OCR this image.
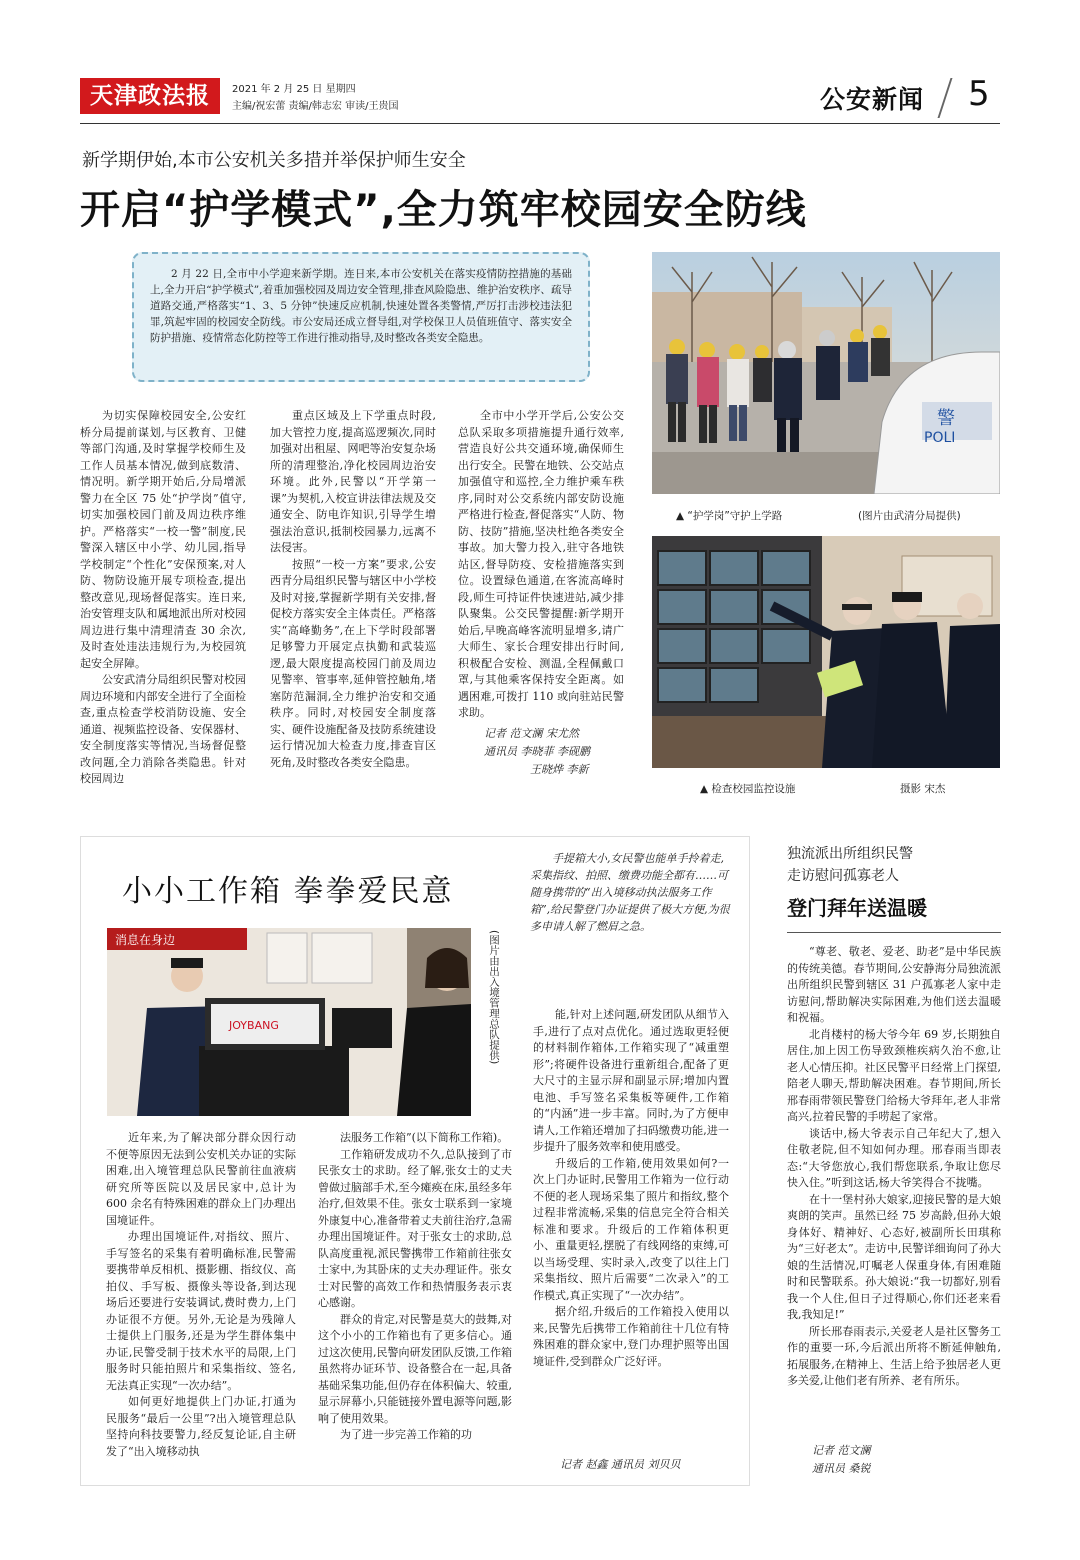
天津政法报	2021 年 2 月 25 日 星期四
主编/祝宏蕾 责编/韩志宏 审读/王贵国	公安新闻 5
新学期伊始,本市公安机关多措并举保护师生安全
开启“护学模式”,全力筑牢校园安全防线

2 月 22 日,全市中小学迎来新学期。连日来,本市公安机关在落实疫情防控措施的基础上,全力开启“护学模式”,着重加强校园及周边安全管理,排查风险隐患、维护治安秩序、疏导道路交通,严格落实“1、3、5 分钟”快速反应机制,快速处置各类警情,严厉打击涉校违法犯罪,筑起牢固的校园安全防线。市公安局还成立督导组,对学校保卫人员值班值守、落实安全防护措施、疫情常态化防控等工作进行推动指导,及时整改各类安全隐患。

为切实保障校园安全,公安红桥分局提前谋划,与区教育、卫健等部门沟通,及时掌握学校师生及工作人员基本情况,做到底数清、情况明。新学期开始后,分局增派警力在全区 75 处“护学岗”值守,切实加强校园门前及周边秩序维护。严格落实“一校一警”制度,民警深入辖区中小学、幼儿园,指导学校制定“个性化”安保预案,对人防、物防设施开展专项检查,提出整改意见,现场督促落实。连日来,治安管理支队和属地派出所对校园周边进行集中清理清查 30 余次,及时查处违法违规行为,为校园筑起安全屏障。

公安武清分局组织民警对校园周边环境和内部安全进行了全面检查,重点检查学校消防设施、安全通道、视频监控设备、安保器材、安全制度落实等情况,当场督促整改问题,全力消除各类隐患。针对校园周边

重点区域及上下学重点时段,加大管控力度,提高巡逻频次,同时加强对出租屋、网吧等治安复杂场所的清理整治,净化校园周边治安环境。此外,民警以“开学第一课”为契机,入校宣讲法律法规及交通安全、防电诈知识,引导学生增强法治意识,抵制校园暴力,远离不法侵害。

按照“一校一方案”要求,公安西青分局组织民警与辖区中小学校及时对接,掌握新学期有关安排,督促校方落实安全主体责任。严格落实“高峰勤务”,在上下学时段部署足够警力开展定点执勤和武装巡逻,最大限度提高校园门前及周边见警率、管事率,延伸管控触角,堵塞防范漏洞,全力维护治安和交通秩序。同时,对校园安全制度落实、硬件设施配备及技防系统建设运行情况加大检查力度,排查盲区死角,及时整改各类安全隐患。

全市中小学开学后,公安公交总队采取多项措施提升通行效率,营造良好公共交通环境,确保师生出行安全。民警在地铁、公交站点加强值守和巡控,全力维护乘车秩序,同时对公交系统内部安防设施严格进行检查,督促落实“人防、物防、技防”措施,坚决杜绝各类安全事故。加大警力投入,驻守各地铁站区,督导防疫、安检措施落实到位。设置绿色通道,在客流高峰时段,师生可持证件快速进站,减少排队聚集。公交民警提醒:新学期开始后,早晚高峰客流明显增多,请广大师生、家长合理安排出行时间,积极配合安检、测温,全程佩戴口罩,与其他乘客保持安全距离。如遇困难,可拨打 110 或向驻站民警求助。

记者 范文澜 宋尤然
通讯员 李晓菲 李砚鹏
王晓烨 李新
警
POLI
▲ “护学岗”守护上学路	(图片由武清分局提供)
▲ 检查校园监控设施	摄影 宋杰
小小工作箱 拳拳爱民意
手提箱大小,女民警也能单手拎着走,采集指纹、拍照、缴费功能全都有……可随身携带的“出入境移动执法服务工作箱”,给民警登门办证提供了极大方便,为很多申请人解了燃眉之急。
消息在身边
JOYBANG	(图片由出入境管理总队提供)

近年来,为了解决部分群众因行动不便等原因无法到公安机关办证的实际困难,出入境管理总队民警前往血液病研究所等医院以及居民家中,总计为 600 余名有特殊困难的群众上门办理出国境证件。

办理出国境证件,对指纹、照片、手写签名的采集有着明确标准,民警需要携带单反相机、摄影棚、指纹仪、高拍仪、手写板、摄像头等设备,到达现场后还要进行安装调试,费时费力,上门办证很不方便。另外,无论是为残障人士提供上门服务,还是为学生群体集中办证,民警受制于技术水平的局限,上门服务时只能拍照片和采集指纹、签名,无法真正实现“一次办结”。

如何更好地提供上门办证,打通为民服务“最后一公里”?出入境管理总队坚持向科技要警力,经反复论证,自主研发了“出入境移动执

法服务工作箱”(以下简称工作箱)。

工作箱研发成功不久,总队接到了市民张女士的求助。经了解,张女士的丈夫曾做过脑部手术,至今瘫痪在床,虽经多年治疗,但效果不佳。张女士联系到一家境外康复中心,准备带着丈夫前往治疗,急需办理出国境证件。对于张女士的求助,总队高度重视,派民警携带工作箱前往张女士家中,为其卧床的丈夫办理证件。张女士对民警的高效工作和热情服务表示衷心感谢。

群众的肯定,对民警是莫大的鼓舞,对这个小小的工作箱也有了更多信心。通过这次使用,民警向研发团队反馈,工作箱虽然将办证环节、设备整合在一起,具备基础采集功能,但仍存在体积偏大、较重,显示屏幕小,只能链接外置电源等问题,影响了使用效果。

为了进一步完善工作箱的功

能,针对上述问题,研发团队从细节入手,进行了点对点优化。通过选取更轻便的材料制作箱体,工作箱实现了“减重塑形”;将硬件设备进行重新组合,配备了更大尺寸的主显示屏和副显示屏;增加内置电池、手写签名采集板等硬件,工作箱的“内涵”进一步丰富。同时,为了方便申请人,工作箱还增加了扫码缴费功能,进一步提升了服务效率和使用感受。

升级后的工作箱,使用效果如何?一次上门办证时,民警用工作箱为一位行动不便的老人现场采集了照片和指纹,整个过程非常流畅,采集的信息完全符合相关标准和要求。升级后的工作箱体积更小、重量更轻,摆脱了有线网络的束缚,可以当场受理、实时录入,改变了以往上门采集指纹、照片后需要“二次录入”的工作模式,真正实现了“一次办结”。

据介绍,升级后的工作箱投入使用以来,民警先后携带工作箱前往十几位有特殊困难的群众家中,登门办理护照等出国境证件,受到群众广泛好评。

记者 赵鑫 通讯员 刘贝贝
独流派出所组织民警
走访慰问孤寡老人
登门拜年送温暖

“尊老、敬老、爱老、助老”是中华民族的传统美德。春节期间,公安静海分局独流派出所组织民警到辖区 31 户孤寡老人家中走访慰问,帮助解决实际困难,为他们送去温暖和祝福。

北肖楼村的杨大爷今年 69 岁,长期独自居住,加上因工伤导致颈椎疾病久治不愈,让老人心情压抑。社区民警平日经常上门探望,陪老人聊天,帮助解决困难。春节期间,所长邢春雨带领民警登门给杨大爷拜年,老人非常高兴,拉着民警的手唠起了家常。

谈话中,杨大爷表示自己年纪大了,想入住敬老院,但不知如何办理。邢春雨当即表态:“大爷您放心,我们帮您联系,争取让您尽快入住。”听到这话,杨大爷笑得合不拢嘴。

在十一堡村孙大娘家,迎接民警的是大娘爽朗的笑声。虽然已经 75 岁高龄,但孙大娘身体好、精神好、心态好,被副所长田琪称为“三好老太”。走访中,民警详细询问了孙大娘的生活情况,叮嘱老人保重身体,有困难随时和民警联系。孙大娘说:“我一切都好,别看我一个人住,但日子过得顺心,你们还老来看我,我知足!”

所长邢春雨表示,关爱老人是社区警务工作的重要一环,今后派出所将不断延伸触角,拓展服务,在精神上、生活上给予独居老人更多关爱,让他们老有所养、老有所乐。

记者 范文澜
通讯员 桑锐
